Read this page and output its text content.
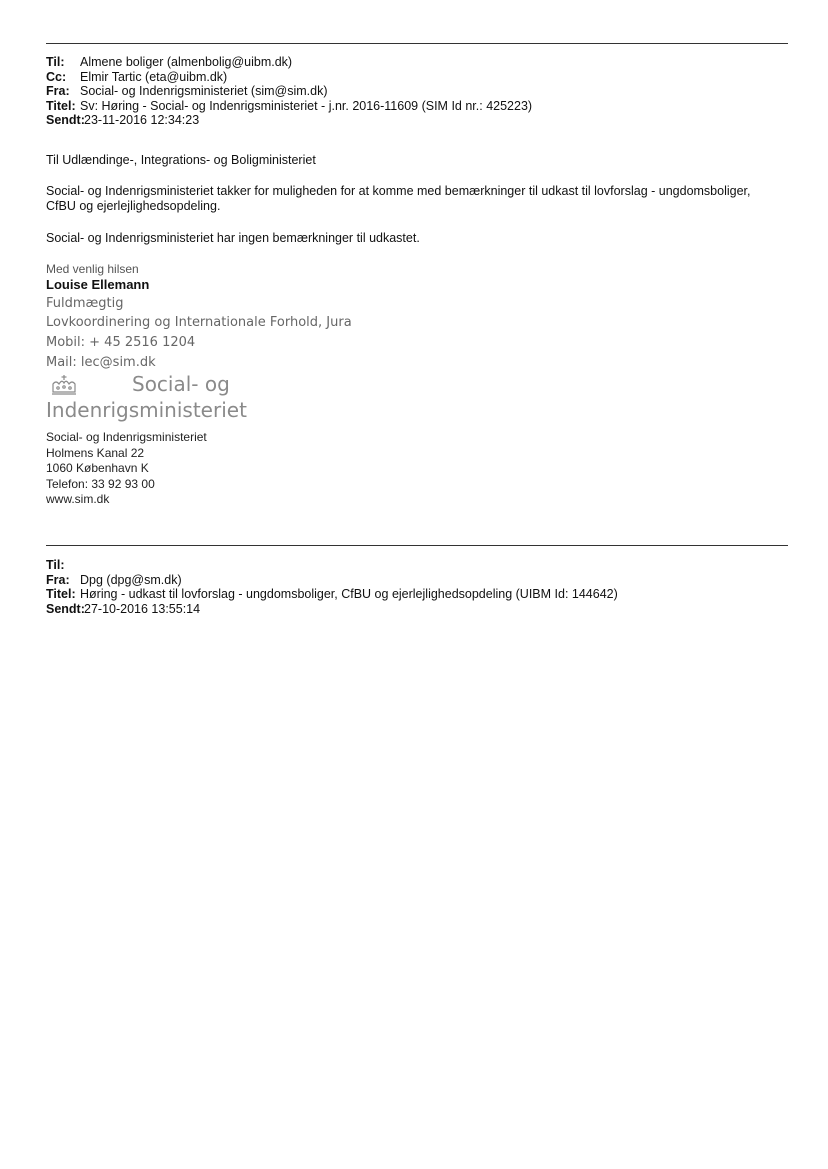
Til:	Almene boliger (almenbolig@uibm.dk)
Cc:	Elmir Tartic (eta@uibm.dk)
Fra: Social- og Indenrigsministeriet (sim@sim.dk)
Titel: Sv: Høring - Social- og Indenrigsministeriet - j.nr. 2016-11609 (SIM Id nr.: 425223)
Sendt: 23-11-2016 12:34:23
Til Udlændinge-, Integrations- og Boligministeriet
Social- og Indenrigsministeriet takker for muligheden for at komme med bemærkninger til udkast til lovforslag - ungdomsboliger, CfBU og ejerlejlighedsopdeling.
Social- og Indenrigsministeriet har ingen bemærkninger til udkastet.
Med venlig hilsen
Louise Ellemann
Fuldmægtig
Lovkoordinering og Internationale Forhold, Jura
Mobil: + 45 2516 1204
Mail: lec@sim.dk
Social- og
Indenrigsministeriet
Social- og Indenrigsministeriet
Holmens Kanal 22
1060 København K
Telefon: 33 92 93 00
www.sim.dk
Til:
Fra: Dpg (dpg@sm.dk)
Titel: Høring - udkast til lovforslag - ungdomsboliger, CfBU og ejerlejlighedsopdeling (UIBM Id: 144642)
Sendt: 27-10-2016 13:55:14
